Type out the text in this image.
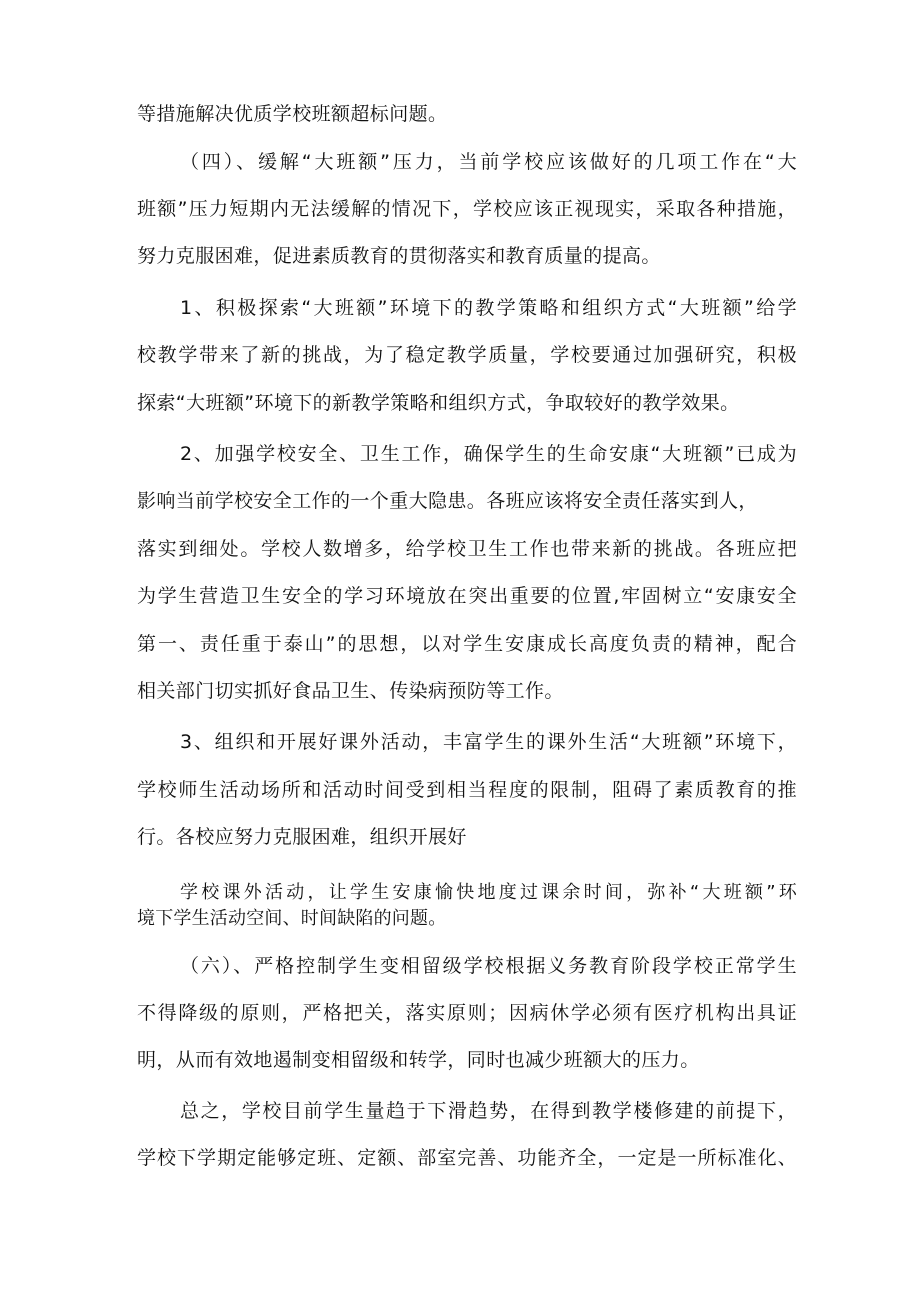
等措施解决优质学校班额超标问题。

（四）、缓解“大班额”压力，当前学校应该做好的几项工作在“大

班额”压力短期内无法缓解的情况下，学校应该正视现实，采取各种措施，

努力克服困难，促进素质教育的贯彻落实和教育质量的提高。

1、积极探索“大班额”环境下的教学策略和组织方式“大班额”给学

校教学带来了新的挑战，为了稳定教学质量，学校要通过加强研究，积极

探索“大班额”环境下的新教学策略和组织方式，争取较好的教学效果。

2、加强学校安全、卫生工作，确保学生的生命安康“大班额”已成为

影响当前学校安全工作的一个重大隐患。各班应该将安全责任落实到人，

落实到细处。学校人数增多，给学校卫生工作也带来新的挑战。各班应把

为学生营造卫生安全的学习环境放在突出重要的位置,牢固树立“安康安全

第一、责任重于泰山”的思想，以对学生安康成长高度负责的精神，配合

相关部门切实抓好食品卫生、传染病预防等工作。

3、组织和开展好课外活动，丰富学生的课外生活“大班额”环境下，

学校师生活动场所和活动时间受到相当程度的限制，阻碍了素质教育的推

行。各校应努力克服困难，组织开展好

学校课外活动，让学生安康愉快地度过课余时间，弥补“大班额”环

境下学生活动空间、时间缺陷的问题。

（六）、严格控制学生变相留级学校根据义务教育阶段学校正常学生

不得降级的原则，严格把关，落实原则；因病休学必须有医疗机构出具证

明，从而有效地遏制变相留级和转学，同时也减少班额大的压力。

总之，学校目前学生量趋于下滑趋势，在得到教学楼修建的前提下，

学校下学期定能够定班、定额、部室完善、功能齐全，一定是一所标准化、
